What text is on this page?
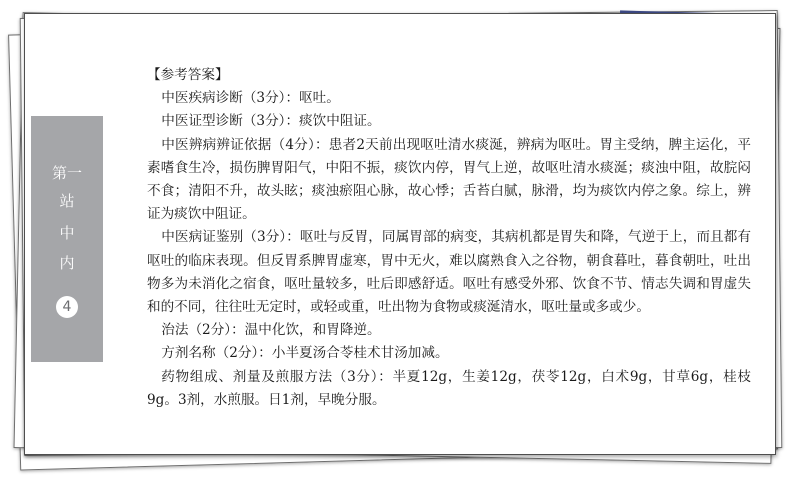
第一
站
中
内
4

【参考答案】

中医疾病诊断（3分）：呕吐。

中医证型诊断（3分）：痰饮中阻证。

中医辨病辨证依据（4分）：患者2天前出现呕吐清水痰涎，辨病为呕吐。胃主受纳，脾主运化，平素嗜食生冷，损伤脾胃阳气，中阳不振，痰饮内停，胃气上逆，故呕吐清水痰涎；痰浊中阻，故脘闷不食；清阳不升，故头眩；痰浊瘀阻心脉，故心悸；舌苔白腻，脉滑，均为痰饮内停之象。综上，辨证为痰饮中阻证。

中医病证鉴别（3分）：呕吐与反胃，同属胃部的病变，其病机都是胃失和降，气逆于上，而且都有呕吐的临床表现。但反胃系脾胃虚寒，胃中无火，难以腐熟食入之谷物，朝食暮吐，暮食朝吐，吐出物多为未消化之宿食，呕吐量较多，吐后即感舒适。呕吐有感受外邪、饮食不节、情志失调和胃虚失和的不同，往往吐无定时，或轻或重，吐出物为食物或痰涎清水，呕吐量或多或少。

治法（2分）：温中化饮，和胃降逆。

方剂名称（2分）：小半夏汤合苓桂术甘汤加减。

药物组成、剂量及煎服方法（3分）：半夏12g，生姜12g，茯苓12g，白术9g，甘草6g，桂枝9g。3剂，水煎服。日1剂，早晚分服。
